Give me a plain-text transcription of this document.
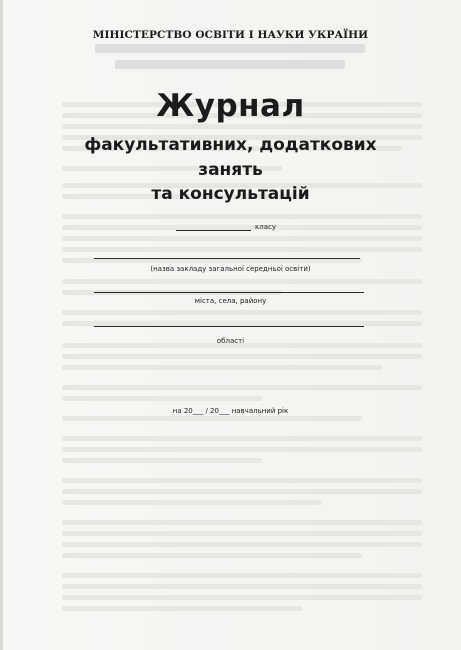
МІНІСТЕРСТВО ОСВІТИ І НАУКИ УКРАЇНИ
Журнал
факультативних, додаткових
занять
та консультацій
класу
(назва закладу загальної середньої освіти)
міста, села, району
області
на 20___ / 20___ навчальний рік
